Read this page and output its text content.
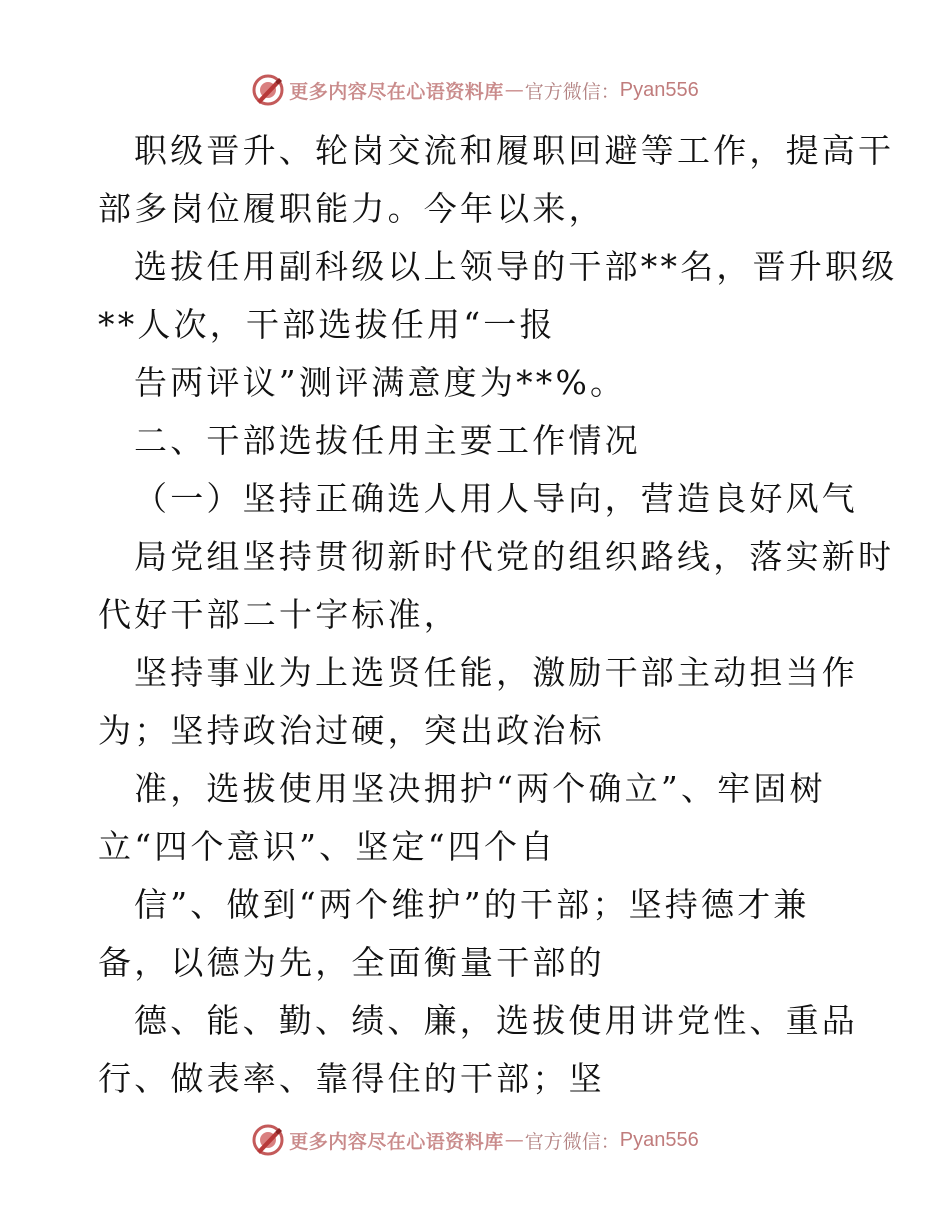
更多内容尽在心语资料库 — 官方微信： Pyan556
职级晋升、轮岗交流和履职回避等工作，提高干
部多岗位履职能力。今年以来，
选拔任用副科级以上领导的干部**名，晋升职级
**人次，干部选拔任用“一报
告两评议”测评满意度为**%。
二、干部选拔任用主要工作情况
（一）坚持正确选人用人导向，营造良好风气
局党组坚持贯彻新时代党的组织路线，落实新时
代好干部二十字标准，
坚持事业为上选贤任能，激励干部主动担当作
为；坚持政治过硬，突出政治标
准，选拔使用坚决拥护“两个确立”、牢固树
立“四个意识”、坚定“四个自
信”、做到“两个维护”的干部；坚持德才兼
备，以德为先，全面衡量干部的
德、能、勤、绩、廉，选拔使用讲党性、重品
行、做表率、靠得住的干部；坚
更多内容尽在心语资料库 — 官方微信： Pyan556
